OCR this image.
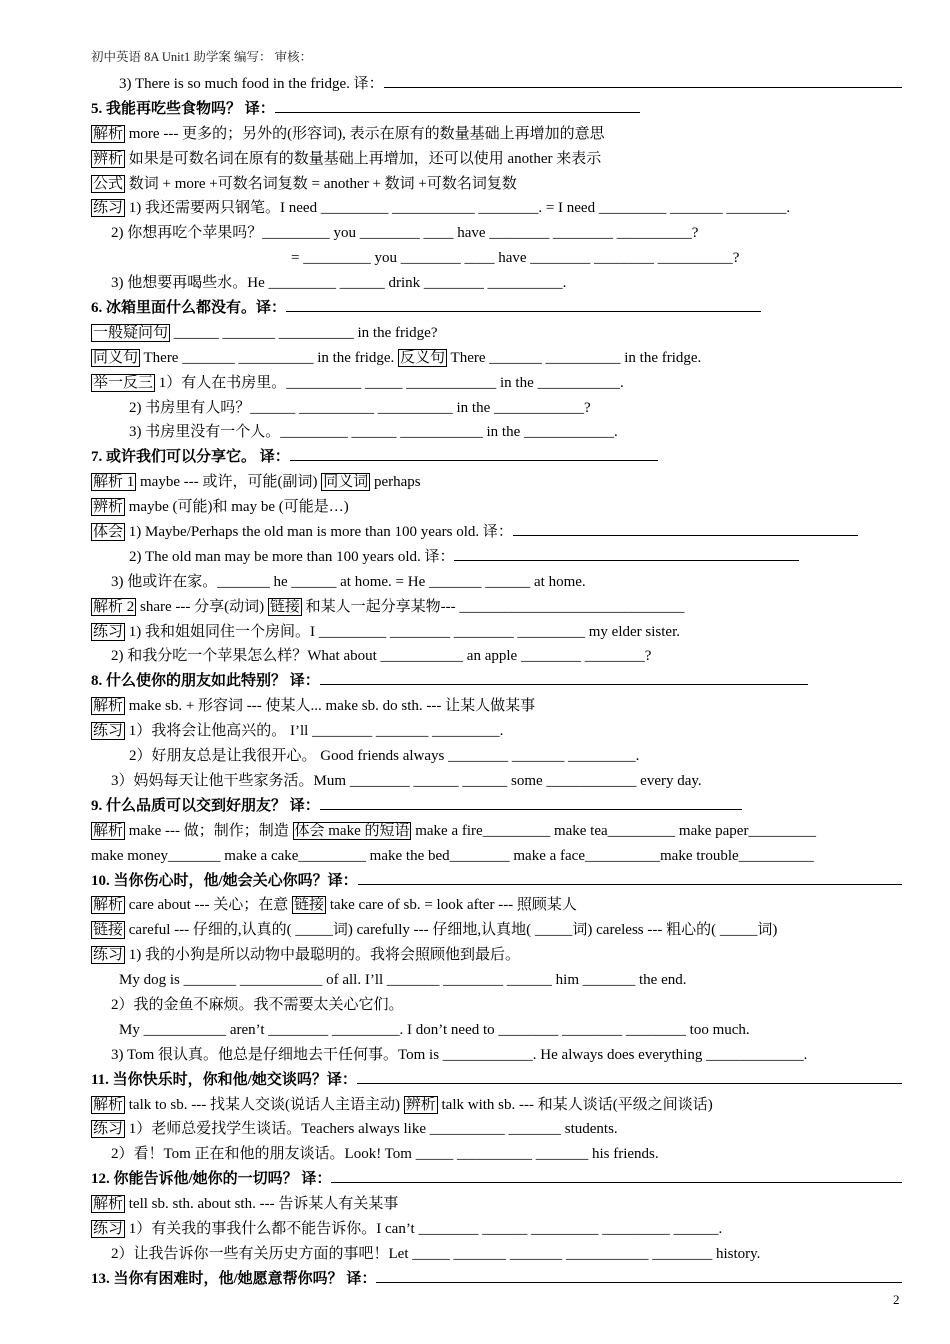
初中英语 8A Unit1 助学案 编写： 审核：
3) There is so much food in the fridge. 译：
5. 我能再吃些食物吗？ 译：
解析 more --- 更多的；另外的(形容词), 表示在原有的数量基础上再增加的意思
辨析 如果是可数名词在原有的数量基础上再增加，还可以使用 another 来表示
公式 数词 + more +可数名词复数 = another + 数词 +可数名词复数
练习 1) 我还需要两只钢笔。I need _________ ___________ ________. = I need _________ _______ ________.
2) 你想再吃个苹果吗？_________ you ________ ____ have ________ ________ __________?
= _________ you ________ ____ have ________ ________ __________?
3) 他想要再喝些水。He _________ ______ drink ________ __________.
6. 冰箱里面什么都没有。译：
一般疑问句 ______ _______ __________ in the fridge?
同义句 There _______ __________ in the fridge. 反义句 There _______ __________ in the fridge.
举一反三 1）有人在书房里。__________ _____ ____________ in the ___________.
2) 书房里有人吗？______ __________ __________ in the ____________?
3) 书房里没有一个人。_________ ______ ___________ in the ____________.
7. 或许我们可以分享它。 译：
解析 1 maybe --- 或许，可能(副词) 同义词 perhaps
辨析 maybe (可能)和 may be (可能是…)
体会 1) Maybe/Perhaps the old man is more than 100 years old. 译：
2) The old man may be more than 100 years old. 译：
3) 他或许在家。_______ he ______ at home. = He _______ ______ at home.
解析 2 share --- 分享(动词) 链接 和某人一起分享某物--- ______________________________
练习 1) 我和姐姐同住一个房间。I _________ ________ ________ _________ my elder sister.
2) 和我分吃一个苹果怎么样？What about ___________ an apple ________ ________?
8. 什么使你的朋友如此特别？ 译：
解析 make sb. + 形容词 --- 使某人... make sb. do sth. --- 让某人做某事
练习 1）我将会让他高兴的。 I’ll ________ _______ _________.
2）好朋友总是让我很开心。 Good friends always ________ _______ _________.
3）妈妈每天让他干些家务活。Mum ________ ______ ______ some ____________ every day.
9. 什么品质可以交到好朋友？ 译：
解析 make --- 做；制作；制造 体会 make 的短语 make a fire_________ make tea_________ make paper_________
make money_______ make a cake_________ make the bed________ make a face__________make trouble__________
10. 当你伤心时，他/她会关心你吗？译：
解析 care about --- 关心；在意 链接 take care of sb. = look after --- 照顾某人
链接 careful --- 仔细的,认真的( _____词) carefully --- 仔细地,认真地( _____词) careless --- 粗心的( _____词)
练习 1) 我的小狗是所以动物中最聪明的。我将会照顾他到最后。
My dog is _______ ___________ of all. I’ll _______ ________ ______ him _______ the end.
2）我的金鱼不麻烦。我不需要太关心它们。
My ___________ aren’t ________ _________. I don’t need to ________ ________ ________ too much.
3) Tom 很认真。他总是仔细地去干任何事。Tom is ____________. He always does everything _____________.
11. 当你快乐时，你和他/她交谈吗？译：
解析 talk to sb. --- 找某人交谈(说话人主语主动) 辨析 talk with sb. --- 和某人谈话(平级之间谈话)
练习 1）老师总爱找学生谈话。Teachers always like __________ _______ students.
2）看！Tom 正在和他的朋友谈话。Look! Tom _____ __________ _______ his friends.
12. 你能告诉他/她你的一切吗？ 译：
解析 tell sb. sth. about sth. --- 告诉某人有关某事
练习 1）有关我的事我什么都不能告诉你。I can’t ________ ______ _________ _________ ______.
2）让我告诉你一些有关历史方面的事吧！Let _____ _______ _______ ___________ ________ history.
13. 当你有困难时，他/她愿意帮你吗？ 译：
2
